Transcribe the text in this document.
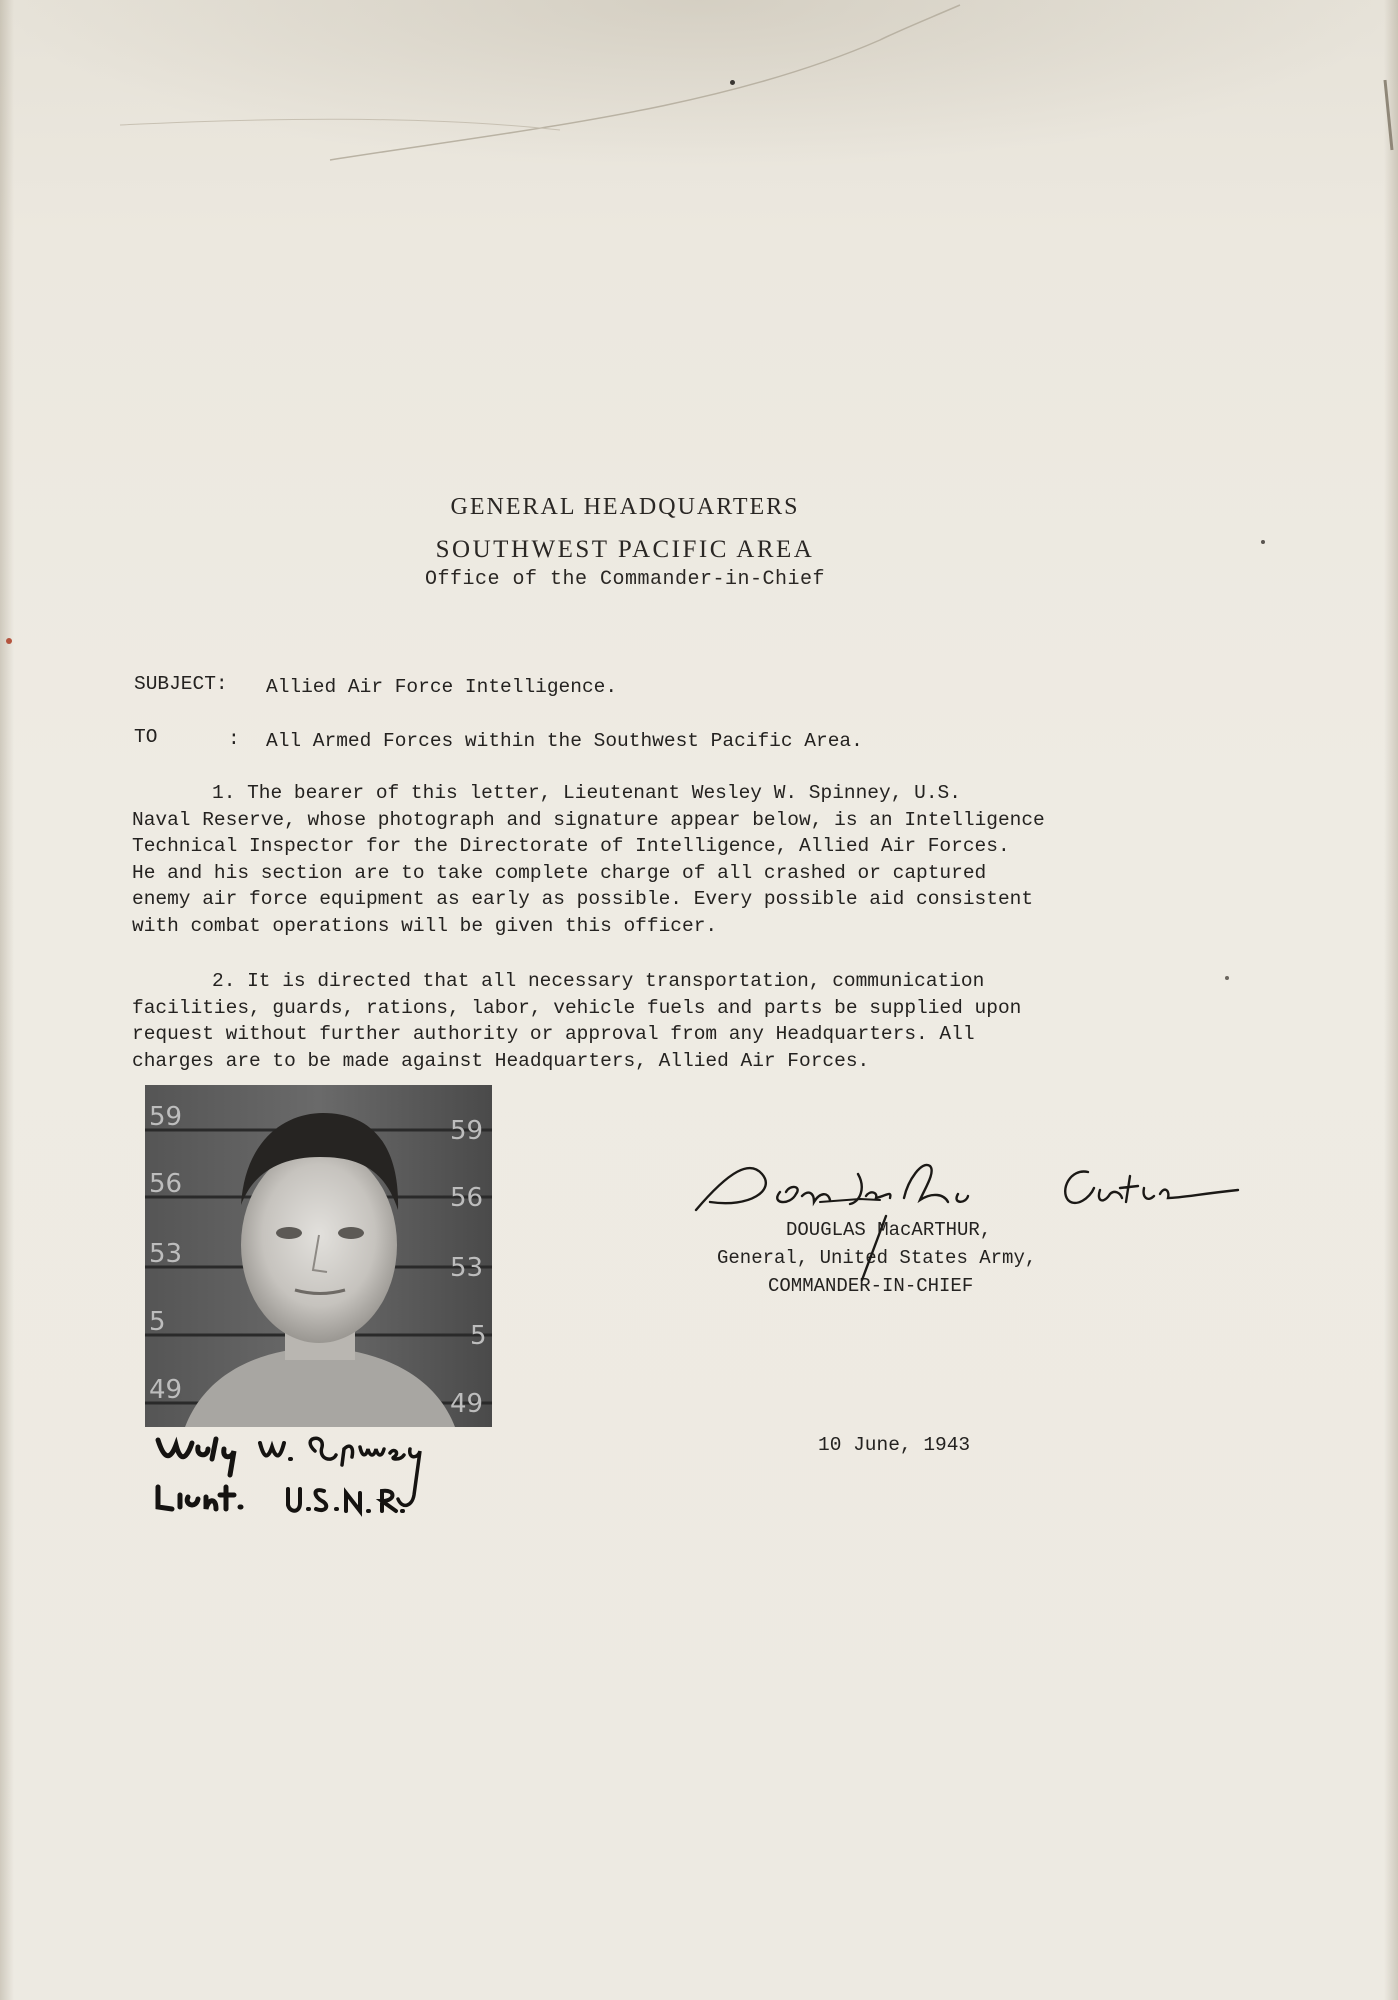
GENERAL HEADQUARTERS
SOUTHWEST PACIFIC AREA
Office of the Commander-in-Chief
SUBJECT: Allied Air Force Intelligence.
TO	: All Armed Forces within the Southwest Pacific Area.
1. The bearer of this letter, Lieutenant Wesley W. Spinney, U.S.
Naval Reserve, whose photograph and signature appear below, is an Intelligence
Technical Inspector for the Directorate of Intelligence, Allied Air Forces.
He and his section are to take complete charge of all crashed or captured
enemy air force equipment as early as possible. Every possible aid consistent
with combat operations will be given this officer.
2. It is directed that all necessary transportation, communication
facilities, guards, rations, labor, vehicle fuels and parts be supplied upon
request without further authority or approval from any Headquarters. All
charges are to be made against Headquarters, Allied Air Forces.
59	59
56	56
53	53
5	5
49	49
DOUGLAS MacARTHUR,
General, United States Army,
COMMANDER-IN-CHIEF
10 June, 1943
